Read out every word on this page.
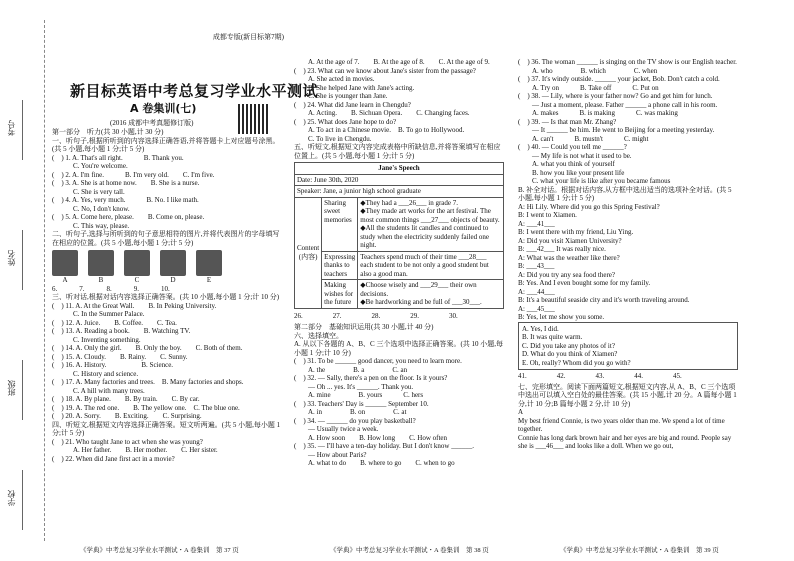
考号
姓名
班级
学校
成都专版(新目标第7期)
新目标英语中考总复习学业水平测试
A 卷集训(七)
(2016 成都中考真题修订版)
第一部分　听力(共 30 小题,计 30 分)
一、听句子,根据所听到的内容选择正确答语,并将答题卡上对应题号涂黑。(共 5 小题,每小题 1 分;计 5 分)
(　) 1. A. That's all right.　　　B. Thank you.
　　　C. You're welcome.
(　) 2. A. I'm fine.　　　B. I'm very old.　　C. I'm five.
(　) 3. A. She is at home now.　　B. She is a nurse.
　　　C. She is very tall.
(　) 4. A. Yes, very much.　　　B. No. I like math.
　　　C. No, I don't know.
(　) 5. A. Come here, please.　　B. Come on, please.
　　　C. This way, please.
二、听句子,选择与所听到的句子意思相符的图片,并将代表图片的字母填写在相应的位置。(共 5 小题,每小题 1 分;计 5 分)
A	B	C	D	E
6.	7.	8.	9.	10.
三、听对话,根据对话内容选择正确答案。(共 10 小题,每小题 1 分;计 10 分)
(　) 11. A. At the Great Wall.　　B. In Peking University.
　　　C. In the Summer Palace.
(　) 12. A. Juice.　　B. Coffee.　　C. Tea.
(　) 13. A. Reading a book.　　B. Watching TV.
　　　C. Inventing something.
(　) 14. A. Only the girl.　　B. Only the boy.　　C. Both of them.
(　) 15. A. Cloudy.　　B. Rainy.　　C. Sunny.
(　) 16. A. History.　　　　　B. Science.
　　　C. History and science.
(　) 17. A. Many factories and trees.　B. Many factories and shops.
　　　C. A hill with many trees.
(　) 18. A. By plane.　　B. By train.　　C. By car.
(　) 19. A. The red one.　　B. The yellow one.　C. The blue one.
(　) 20. A. Sorry.　　B. Exciting.　　C. Surprising.
四、听短文,根据短文内容选择正确答案。短文听两遍。(共 5 小题,每小题 1 分;计 5 分)
(　) 21. Who taught Jane to act when she was young?
　　　A. Her father.　　B. Her mother.　　C. Her sister.
(　) 22. When did Jane first act in a movie?
　　A. At the age of 7.　　B. At the age of 8.　　C. At the age of 9.
(　) 23. What can we know about Jane's sister from the passage?
　　A. She acted in movies.
　　B. She helped Jane with Jane's acting.
　　C. She is younger than Jane.
(　) 24. What did Jane learn in Chengdu?
　　A. Acting.　　B. Sichuan Opera.　　C. Changing faces.
(　) 25. What does Jane hope to do?
　　A. To act in a Chinese movie.　B. To go to Hollywood.
　　C. To live in Chengdu.
五、听短文,根据短文内容完成表格中所缺信息,并将答案填写在相应位置上。(共 5 小题,每小题 1 分;计 5 分)
Jane's Speech		
Date: June 30th, 2020		
Speaker: Jane, a junior high school graduate		
Content (内容)	Sharing sweet memories	◆They had a ___26___ in grade 7.
◆They made art works for the art festival. The most common things ___27___ objects of beauty.
◆All the students lit candles and continued to study when the electricity suddenly failed one night.
	Expressing thanks to teachers	Teachers spend much of their time ___28___ each student to be not only a good student but also a good man.
	Making wishes for the future	◆Choose wisely and ___29___ their own decisions.
◆Be hardworking and be full of ___30___.
26.	27.	28.	29.	30.
第二部分　基础知识运用(共 30 小题,计 40 分)
六、选择填空。
A. 从以下各题的 A、B、C 三个选项中选择正确答案。(共 10 小题,每小题 1 分;计 10 分)
(　) 31. To be ______ good dancer, you need to learn more.
　　A. the　　　　B. a　　　　C. an
(　) 32. — Sally, there's a pen on the floor. Is it yours?
　　— Oh ... yes. It's ______. Thank you.
　　A. mine　　　　B. yours　　　C. hers
(　) 33. Teachers' Day is ______ September 10.
　　A. in　　　　B. on　　　　C. at
(　) 34. — ______ do you play basketball?
　　— Usually twice a week.
　　A. How soon　　B. How long　　C. How often
(　) 35. — I'll have a ten-day holiday. But I don't know ______.
　　— How about Paris?
　　A. what to do　　B. where to go　　C. when to go
(　) 36. The woman ______ is singing on the TV show is our English teacher.
　　A. who　　　　B. which　　　　C. when
(　) 37. It's windy outside. ______ your jacket, Bob. Don't catch a cold.
　　A. Try on　　　B. Take off　　　C. Put on
(　) 38. — Lily, where is your father now? Go and get him for lunch.
　　— Just a moment, please. Father ______ a phone call in his room.
　　A. makes　　　B. is making　　　C. was making
(　) 39. — Is that man Mr. Zhang?
　　— It ______ be him. He went to Beijing for a meeting yesterday.
　　A. can't　　　B. mustn't　　　C. might
(　) 40. — Could you tell me ______?
　　— My life is not what it used to be.
　　A. what you think of yourself
　　B. how you like your present life
　　C. what your life is like after you became famous
B. 补全对话。根据对话内容,从方框中选出适当的选项补全对话。(共 5 小题,每小题 1 分;计 5 分)
A: Hi Lily. Where did you go this Spring Festival?
B: I went to Xiamen.
A: ___41___
B: I went there with my friend, Liu Ying.
A: Did you visit Xiamen University?
B: ___42___ It was really nice.
A: What was the weather like there?
B: ___43___
A: Did you try any sea food there?
B: Yes. And I even bought some for my family.
A: ___44___
B: It's a beautiful seaside city and it's worth traveling around.
A: ___45___
B: Yes, let me show you some.
A. Yes, I did.
B. It was quite warm.
C. Did you take any photos of it?
D. What do you think of Xiamen?
E. Oh, really? Whom did you go with?
41.	42.	43.	44.	45.
七、完形填空。阅读下面两篇短文,根据短文内容,从 A、B、C 三个选项中选出可以填入空白处的最佳答案。(共 15 小题,计 20 分。A 篇每小题 1 分,计 10 分;B 篇每小题 2 分,计 10 分)
A
My best friend Connie, is two years older than me. We spend a lot of time together.
Connie has long dark brown hair and her eyes are big and round. People say she is ___46___ and looks like a doll. When we go out,
《学典》中考总复习学业水平测试・A 卷集训　第 37 页	《学典》中考总复习学业水平测试・A 卷集训　第 38 页	《学典》中考总复习学业水平测试・A 卷集训　第 39 页
